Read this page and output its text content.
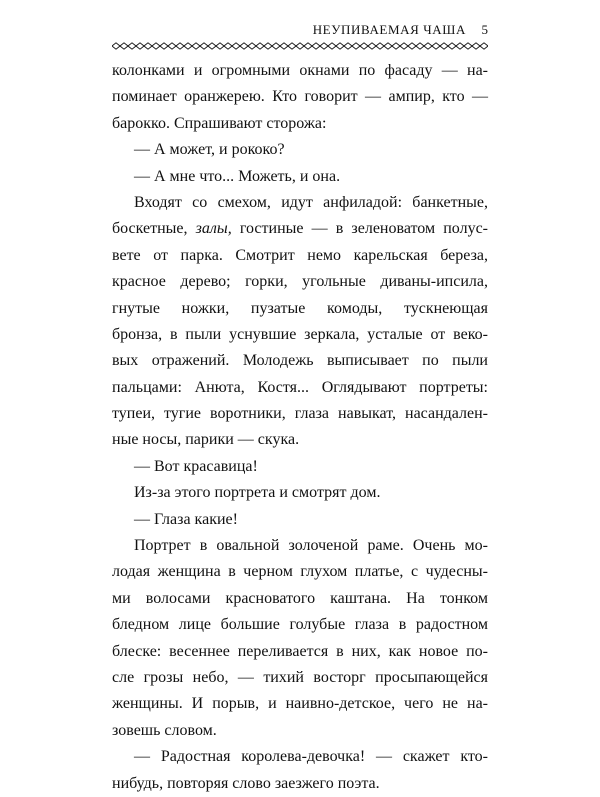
НЕУПИВАЕМАЯ ЧАША 5
колонками и огромными окнами по фасаду — на-
поминает оранжерею. Кто говорит — ампир, кто —
барокко. Спрашивают сторожа:
— А может, и рококо?
— А мне что... Можеть, и она.
Входят со смехом, идут анфиладой: банкетные,
боскетные, залы, гостиные — в зеленоватом полус-
вете от парка. Смотрит немо карельская береза,
красное дерево; горки, угольные диваны-ипсила,
гнутые ножки, пузатые комоды, тускнеющая
бронза, в пыли уснувшие зеркала, усталые от веко-
вых отражений. Молодежь выписывает по пыли
пальцами: Анюта, Костя... Оглядывают портреты:
тупеи, тугие воротники, глаза навыкат, насандален-
ные носы, парики — скука.
— Вот красавица!
Из-за этого портрета и смотрят дом.
— Глаза какие!
Портрет в овальной золоченой раме. Очень мо-
лодая женщина в черном глухом платье, с чудесны-
ми волосами красноватого каштана. На тонком
бледном лице большие голубые глаза в радостном
блеске: весеннее переливается в них, как новое по-
сле грозы небо, — тихий восторг просыпающейся
женщины. И порыв, и наивно-детское, чего не на-
зовешь словом.
— Радостная королева-девочка! — скажет кто-
нибудь, повторяя слово заезжего поэта.
